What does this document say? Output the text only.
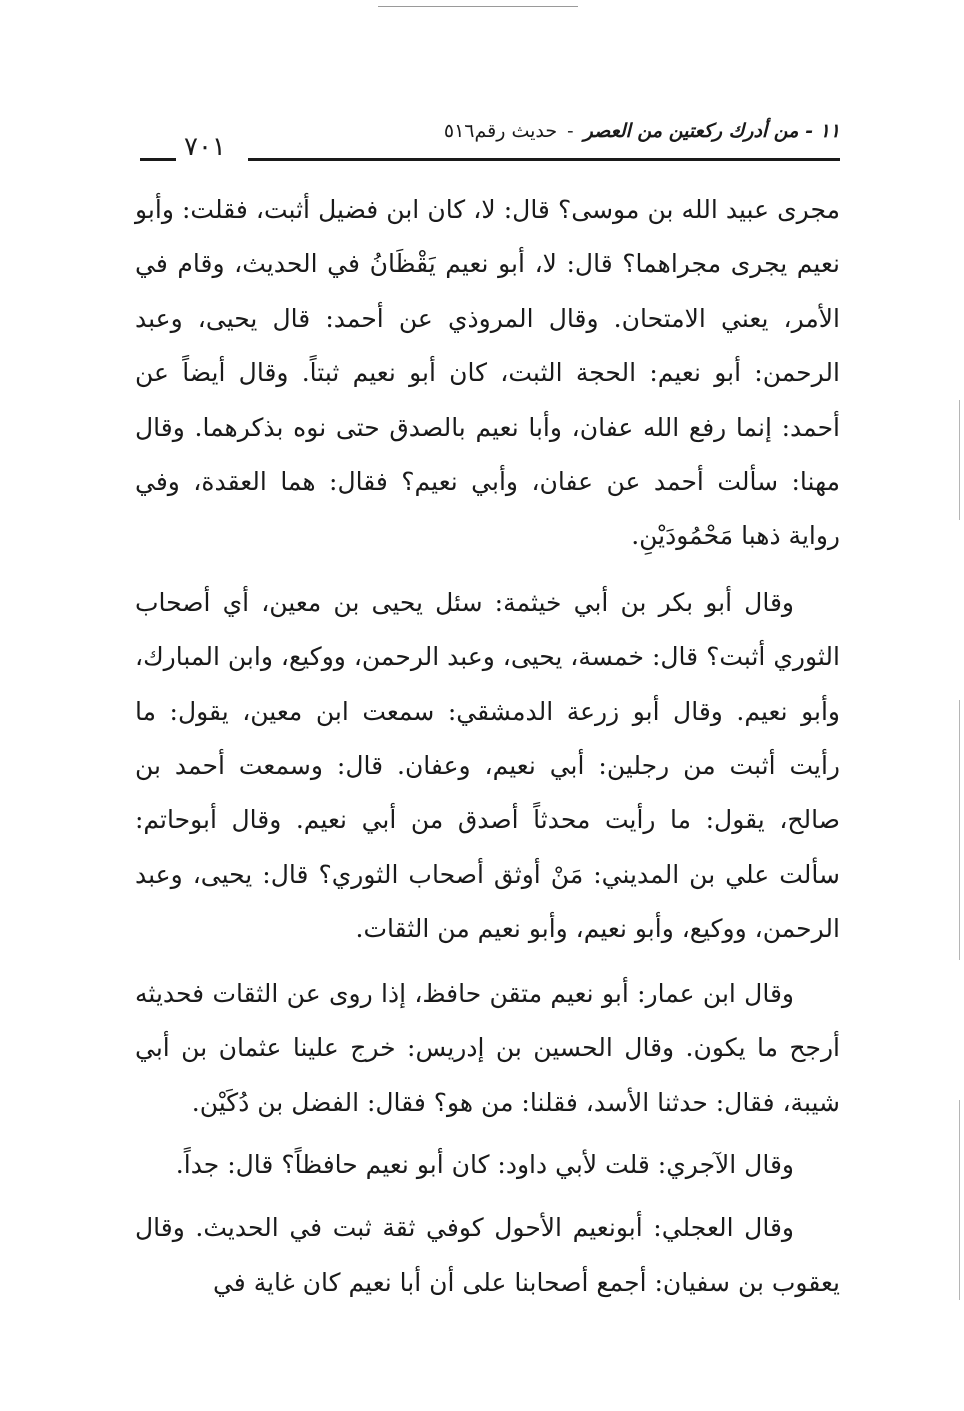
٧٠١
١١ - من أدرك ركعتين من العصر - حديث رقم٥١٦

مجرى عبيد الله بن موسى؟ قال: لا، كان ابن فضيل أثبت، فقلت: وأبو نعيم يجرى مجراهما؟ قال: لا، أبو نعيم يَقْظَانُ في الحديث، وقام في الأمر، يعني الامتحان. وقال المروذي عن أحمد: قال يحيى، وعبد الرحمن: أبو نعيم: الحجة الثبت، كان أبو نعيم ثبتاً. وقال أيضاً عن أحمد: إنما رفع الله عفان، وأبا نعيم بالصدق حتى نوه بذكرهما. وقال مهنا: سألت أحمد عن عفان، وأبي نعيم؟ فقال: هما العقدة، وفي رواية ذهبا مَحْمُودَيْنِ.

وقال أبو بكر بن أبي خيثمة: سئل يحيى بن معين، أي أصحاب الثوري أثبت؟ قال: خمسة، يحيى، وعبد الرحمن، ووكيع، وابن المبارك، وأبو نعيم. وقال أبو زرعة الدمشقي: سمعت ابن معين، يقول: ما رأيت أثبت من رجلين: أبي نعيم، وعفان. قال: وسمعت أحمد بن صالح، يقول: ما رأيت محدثاً أصدق من أبي نعيم. وقال أبوحاتم: سألت علي بن المديني: مَنْ أوثق أصحاب الثوري؟ قال: يحيى، وعبد الرحمن، ووكيع، وأبو نعيم، وأبو نعيم من الثقات.

وقال ابن عمار: أبو نعيم متقن حافظ، إذا روى عن الثقات فحديثه أرجح ما يكون. وقال الحسين بن إدريس: خرج علينا عثمان بن أبي شيبة، فقال: حدثنا الأسد، فقلنا: من هو؟ فقال: الفضل بن دُكَيْن.

وقال الآجري: قلت لأبي داود: كان أبو نعيم حافظاً؟ قال: جداً.

وقال العجلي: أبونعيم الأحول كوفي ثقة ثبت في الحديث. وقال يعقوب بن سفيان: أجمع أصحابنا على أن أبا نعيم كان غاية في
